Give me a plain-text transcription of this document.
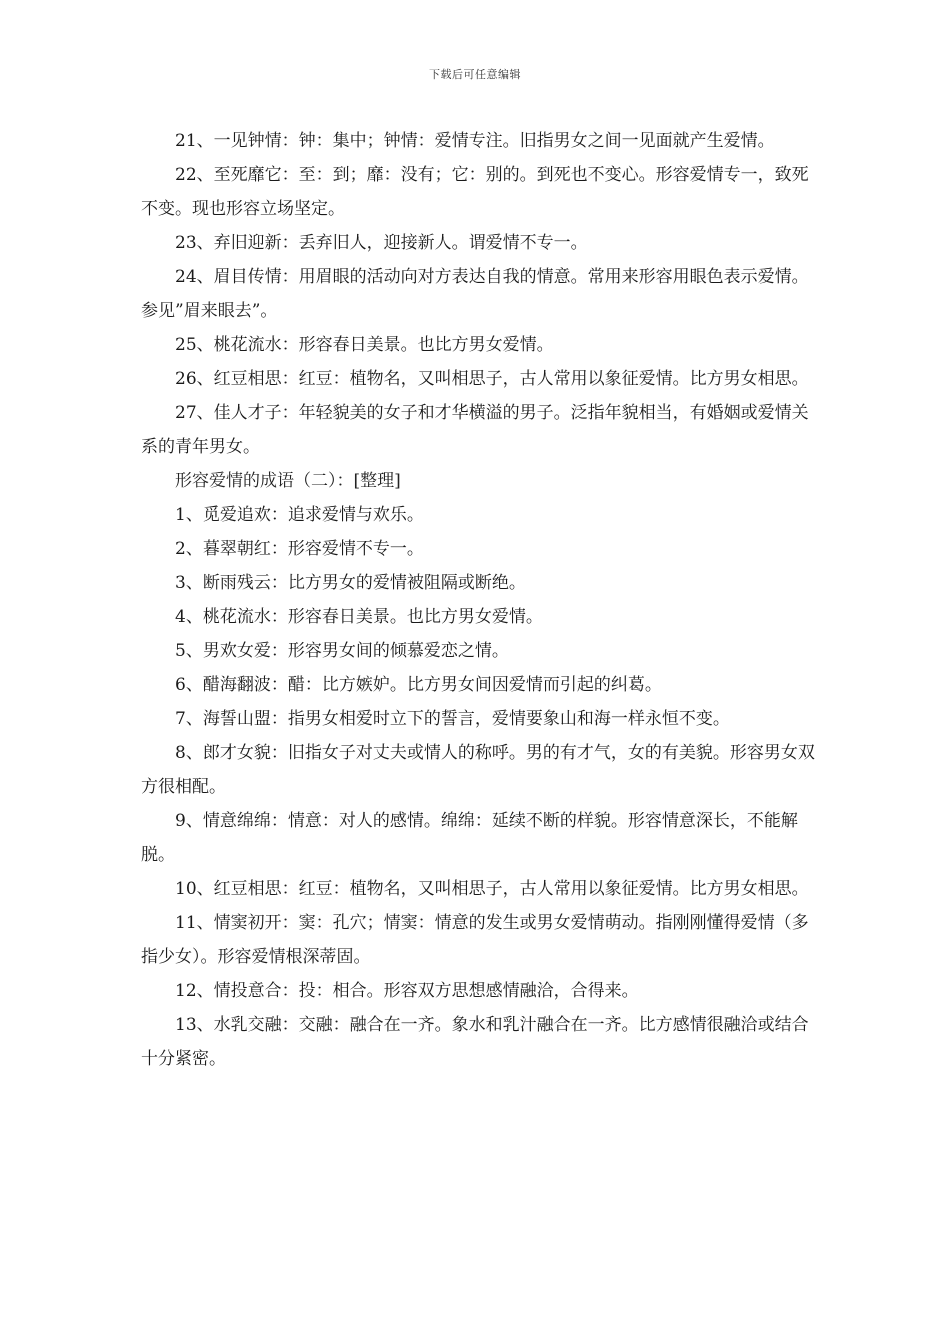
下载后可任意编辑

21、一见钟情：钟：集中；钟情：爱情专注。旧指男女之间一见面就产生爱情。

22、至死靡它：至：到；靡：没有；它：别的。到死也不变心。形容爱情专一，致死不变。现也形容立场坚定。

23、弃旧迎新：丢弃旧人，迎接新人。谓爱情不专一。

24、眉目传情：用眉眼的活动向对方表达自我的情意。常用来形容用眼色表示爱情。参见”眉来眼去”。

25、桃花流水：形容春日美景。也比方男女爱情。

26、红豆相思：红豆：植物名，又叫相思子，古人常用以象征爱情。比方男女相思。

27、佳人才子：年轻貌美的女子和才华横溢的男子。泛指年貌相当，有婚姻或爱情关系的青年男女。

形容爱情的成语（二）：[整理]

1、觅爱追欢：追求爱情与欢乐。

2、暮翠朝红：形容爱情不专一。

3、断雨残云：比方男女的爱情被阻隔或断绝。

4、桃花流水：形容春日美景。也比方男女爱情。

5、男欢女爱：形容男女间的倾慕爱恋之情。

6、醋海翻波：醋：比方嫉妒。比方男女间因爱情而引起的纠葛。

7、海誓山盟：指男女相爱时立下的誓言，爱情要象山和海一样永恒不变。

8、郎才女貌：旧指女子对丈夫或情人的称呼。男的有才气，女的有美貌。形容男女双方很相配。

9、情意绵绵：情意：对人的感情。绵绵：延续不断的样貌。形容情意深长，不能解脱。

10、红豆相思：红豆：植物名，又叫相思子，古人常用以象征爱情。比方男女相思。

11、情窦初开：窦：孔穴；情窦：情意的发生或男女爱情萌动。指刚刚懂得爱情（多指少女）。形容爱情根深蒂固。

12、情投意合：投：相合。形容双方思想感情融洽，合得来。

13、水乳交融：交融：融合在一齐。象水和乳汁融合在一齐。比方感情很融洽或结合十分紧密。
